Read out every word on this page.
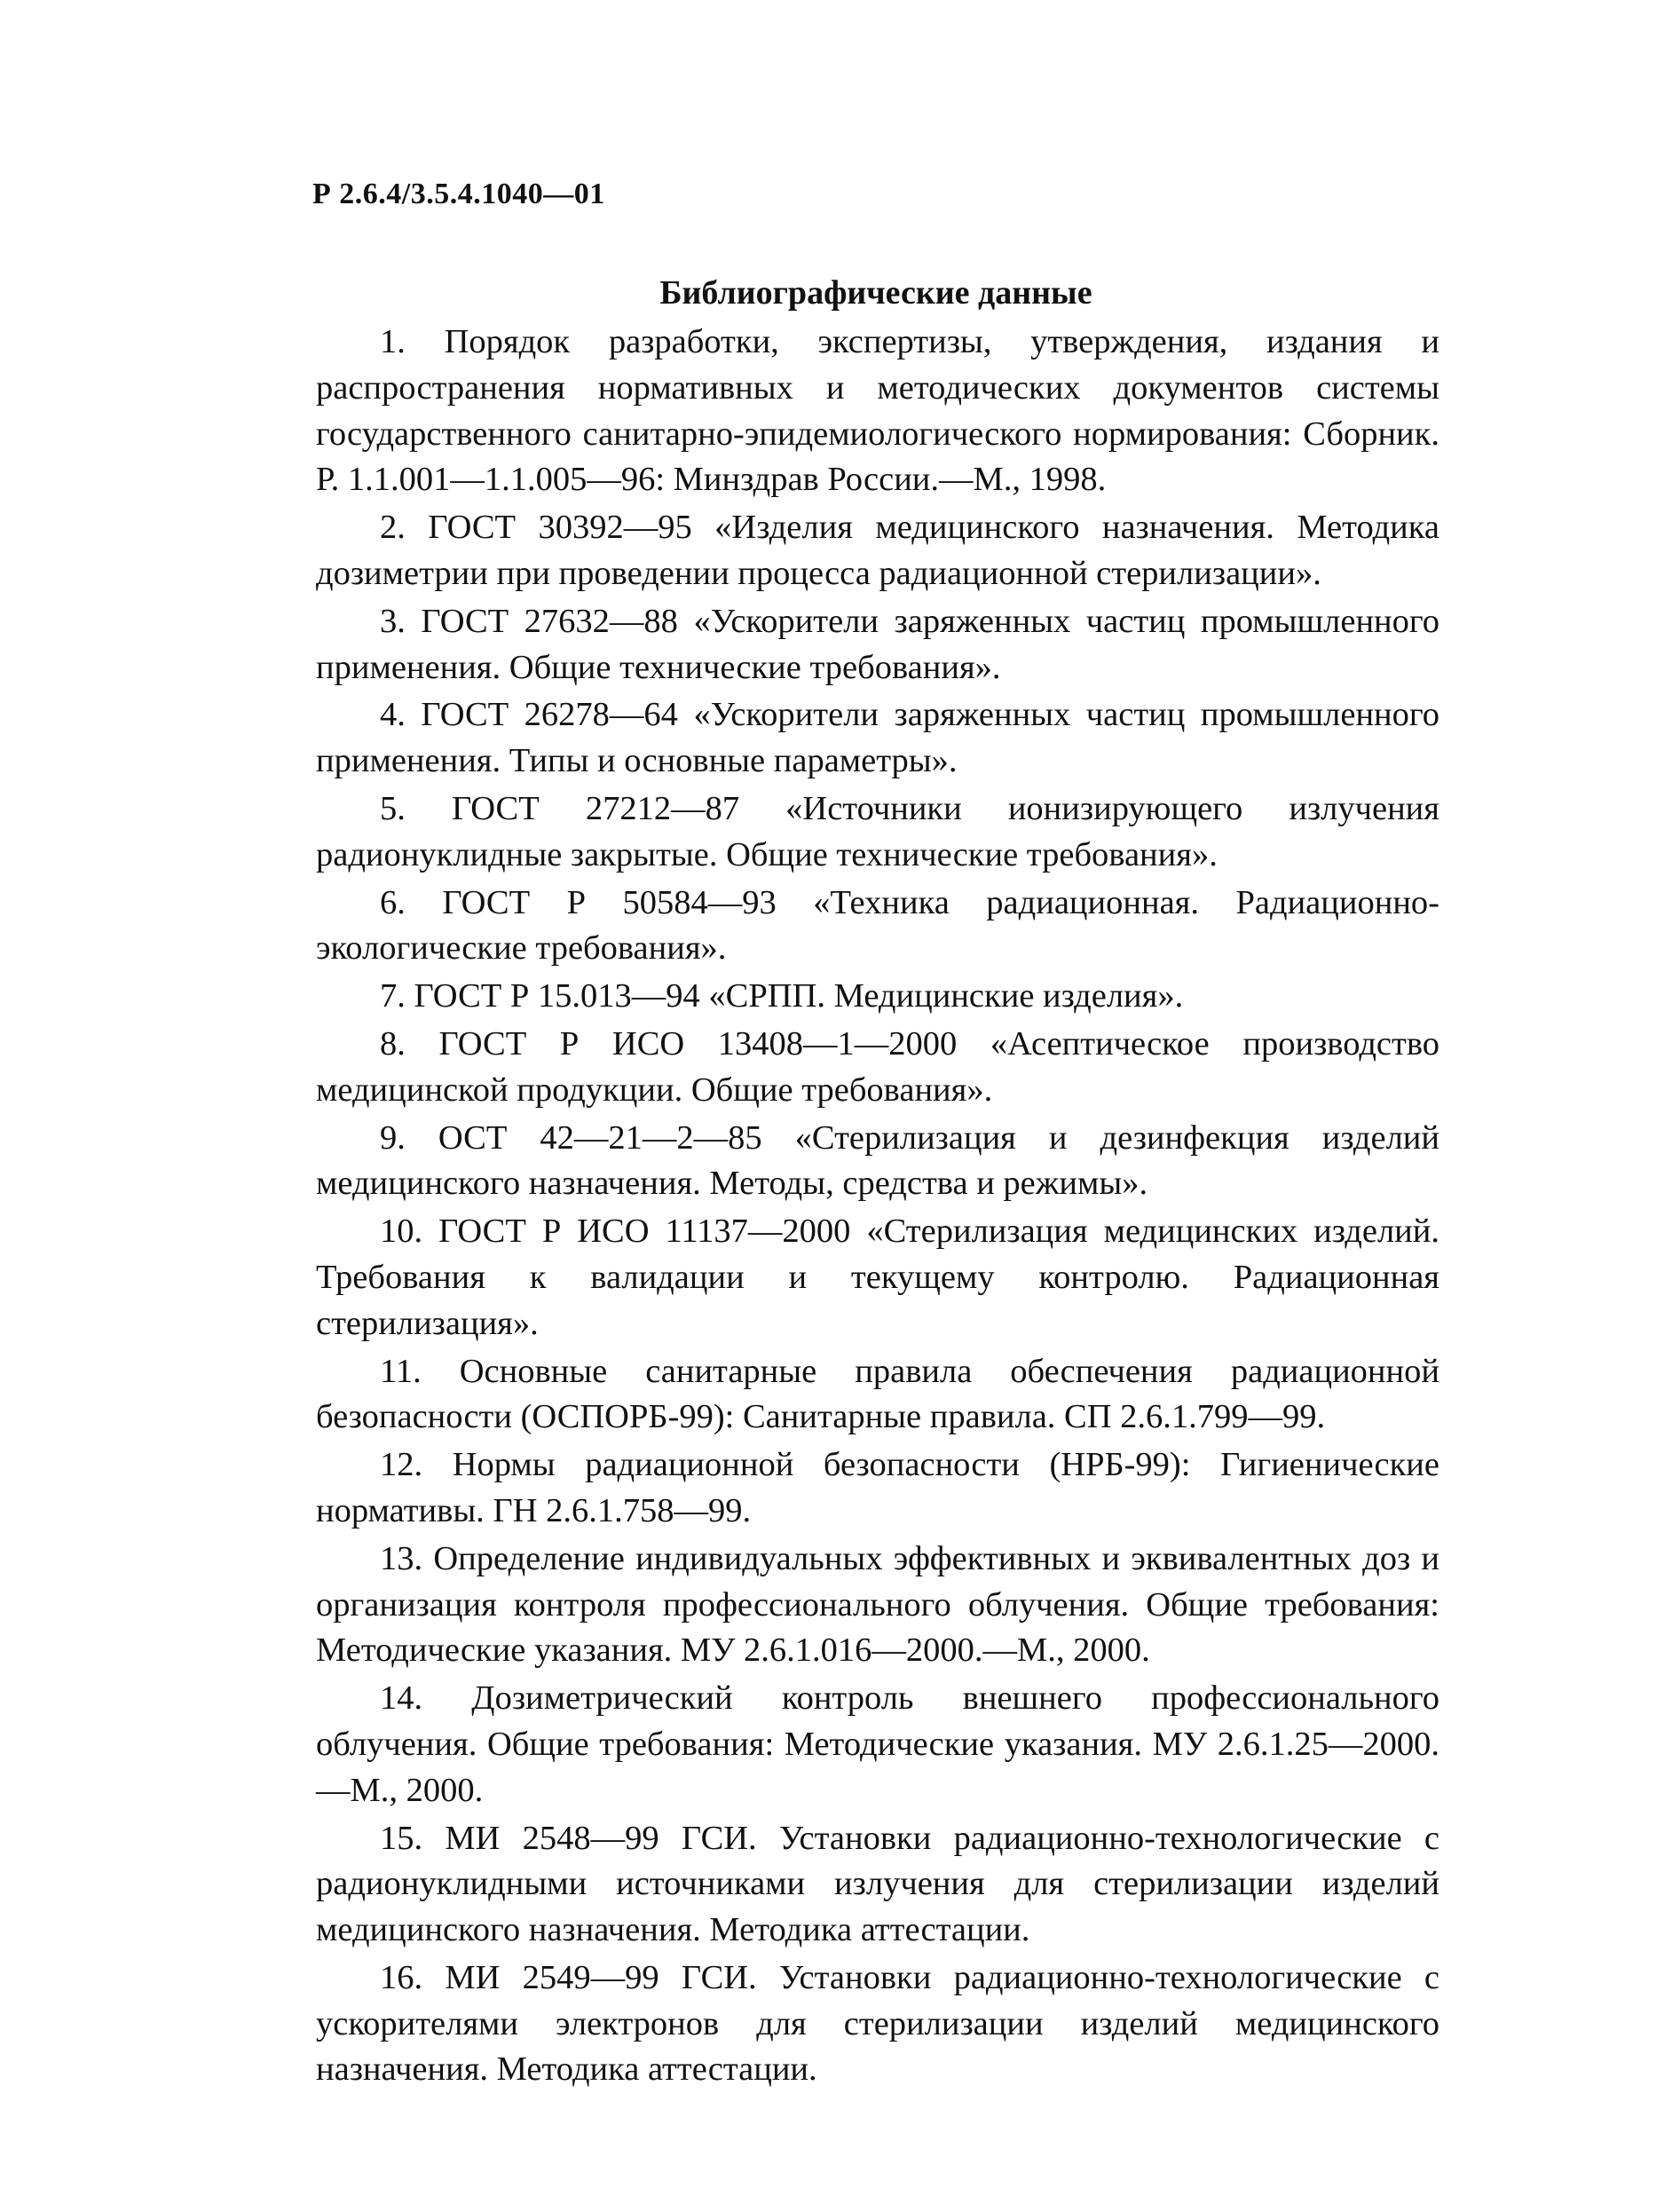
Р 2.6.4/3.5.4.1040—01
Библиографические данные
1. Порядок разработки, экспертизы, утверждения, издания и распространения нормативных и методических документов системы государственного санитарно-эпидемиологического нормирования: Сборник. Р. 1.1.001—1.1.005—96: Минздрав России.—М., 1998.
2. ГОСТ 30392—95 «Изделия медицинского назначения. Методика дозиметрии при проведении процесса радиационной стерилизации».
3. ГОСТ 27632—88 «Ускорители заряженных частиц промышленного применения. Общие технические требования».
4. ГОСТ 26278—64 «Ускорители заряженных частиц промышленного применения. Типы и основные параметры».
5. ГОСТ 27212—87 «Источники ионизирующего излучения радионуклидные закрытые. Общие технические требования».
6. ГОСТ Р 50584—93 «Техника радиационная. Радиационно-экологические требования».
7. ГОСТ Р 15.013—94 «СРПП. Медицинские изделия».
8. ГОСТ Р ИСО 13408—1—2000 «Асептическое производство медицинской продукции. Общие требования».
9. ОСТ 42—21—2—85 «Стерилизация и дезинфекция изделий медицинского назначения. Методы, средства и режимы».
10. ГОСТ Р ИСО 11137—2000 «Стерилизация медицинских изделий. Требования к валидации и текущему контролю. Радиационная стерилизация».
11. Основные санитарные правила обеспечения радиационной безопасности (ОСПОРБ-99): Санитарные правила. СП 2.6.1.799—99.
12. Нормы радиационной безопасности (НРБ-99): Гигиенические нормативы. ГН 2.6.1.758—99.
13. Определение индивидуальных эффективных и эквивалентных доз и организация контроля профессионального облучения. Общие требования: Методические указания. МУ 2.6.1.016—2000.—М., 2000.
14. Дозиметрический контроль внешнего профессионального облучения. Общие требования: Методические указания. МУ 2.6.1.25—2000.—М., 2000.
15. МИ 2548—99 ГСИ. Установки радиационно-технологические с радионуклидными источниками излучения для стерилизации изделий медицинского назначения. Методика аттестации.
16. МИ 2549—99 ГСИ. Установки радиационно-технологические с ускорителями электронов для стерилизации изделий медицинского назначения. Методика аттестации.
